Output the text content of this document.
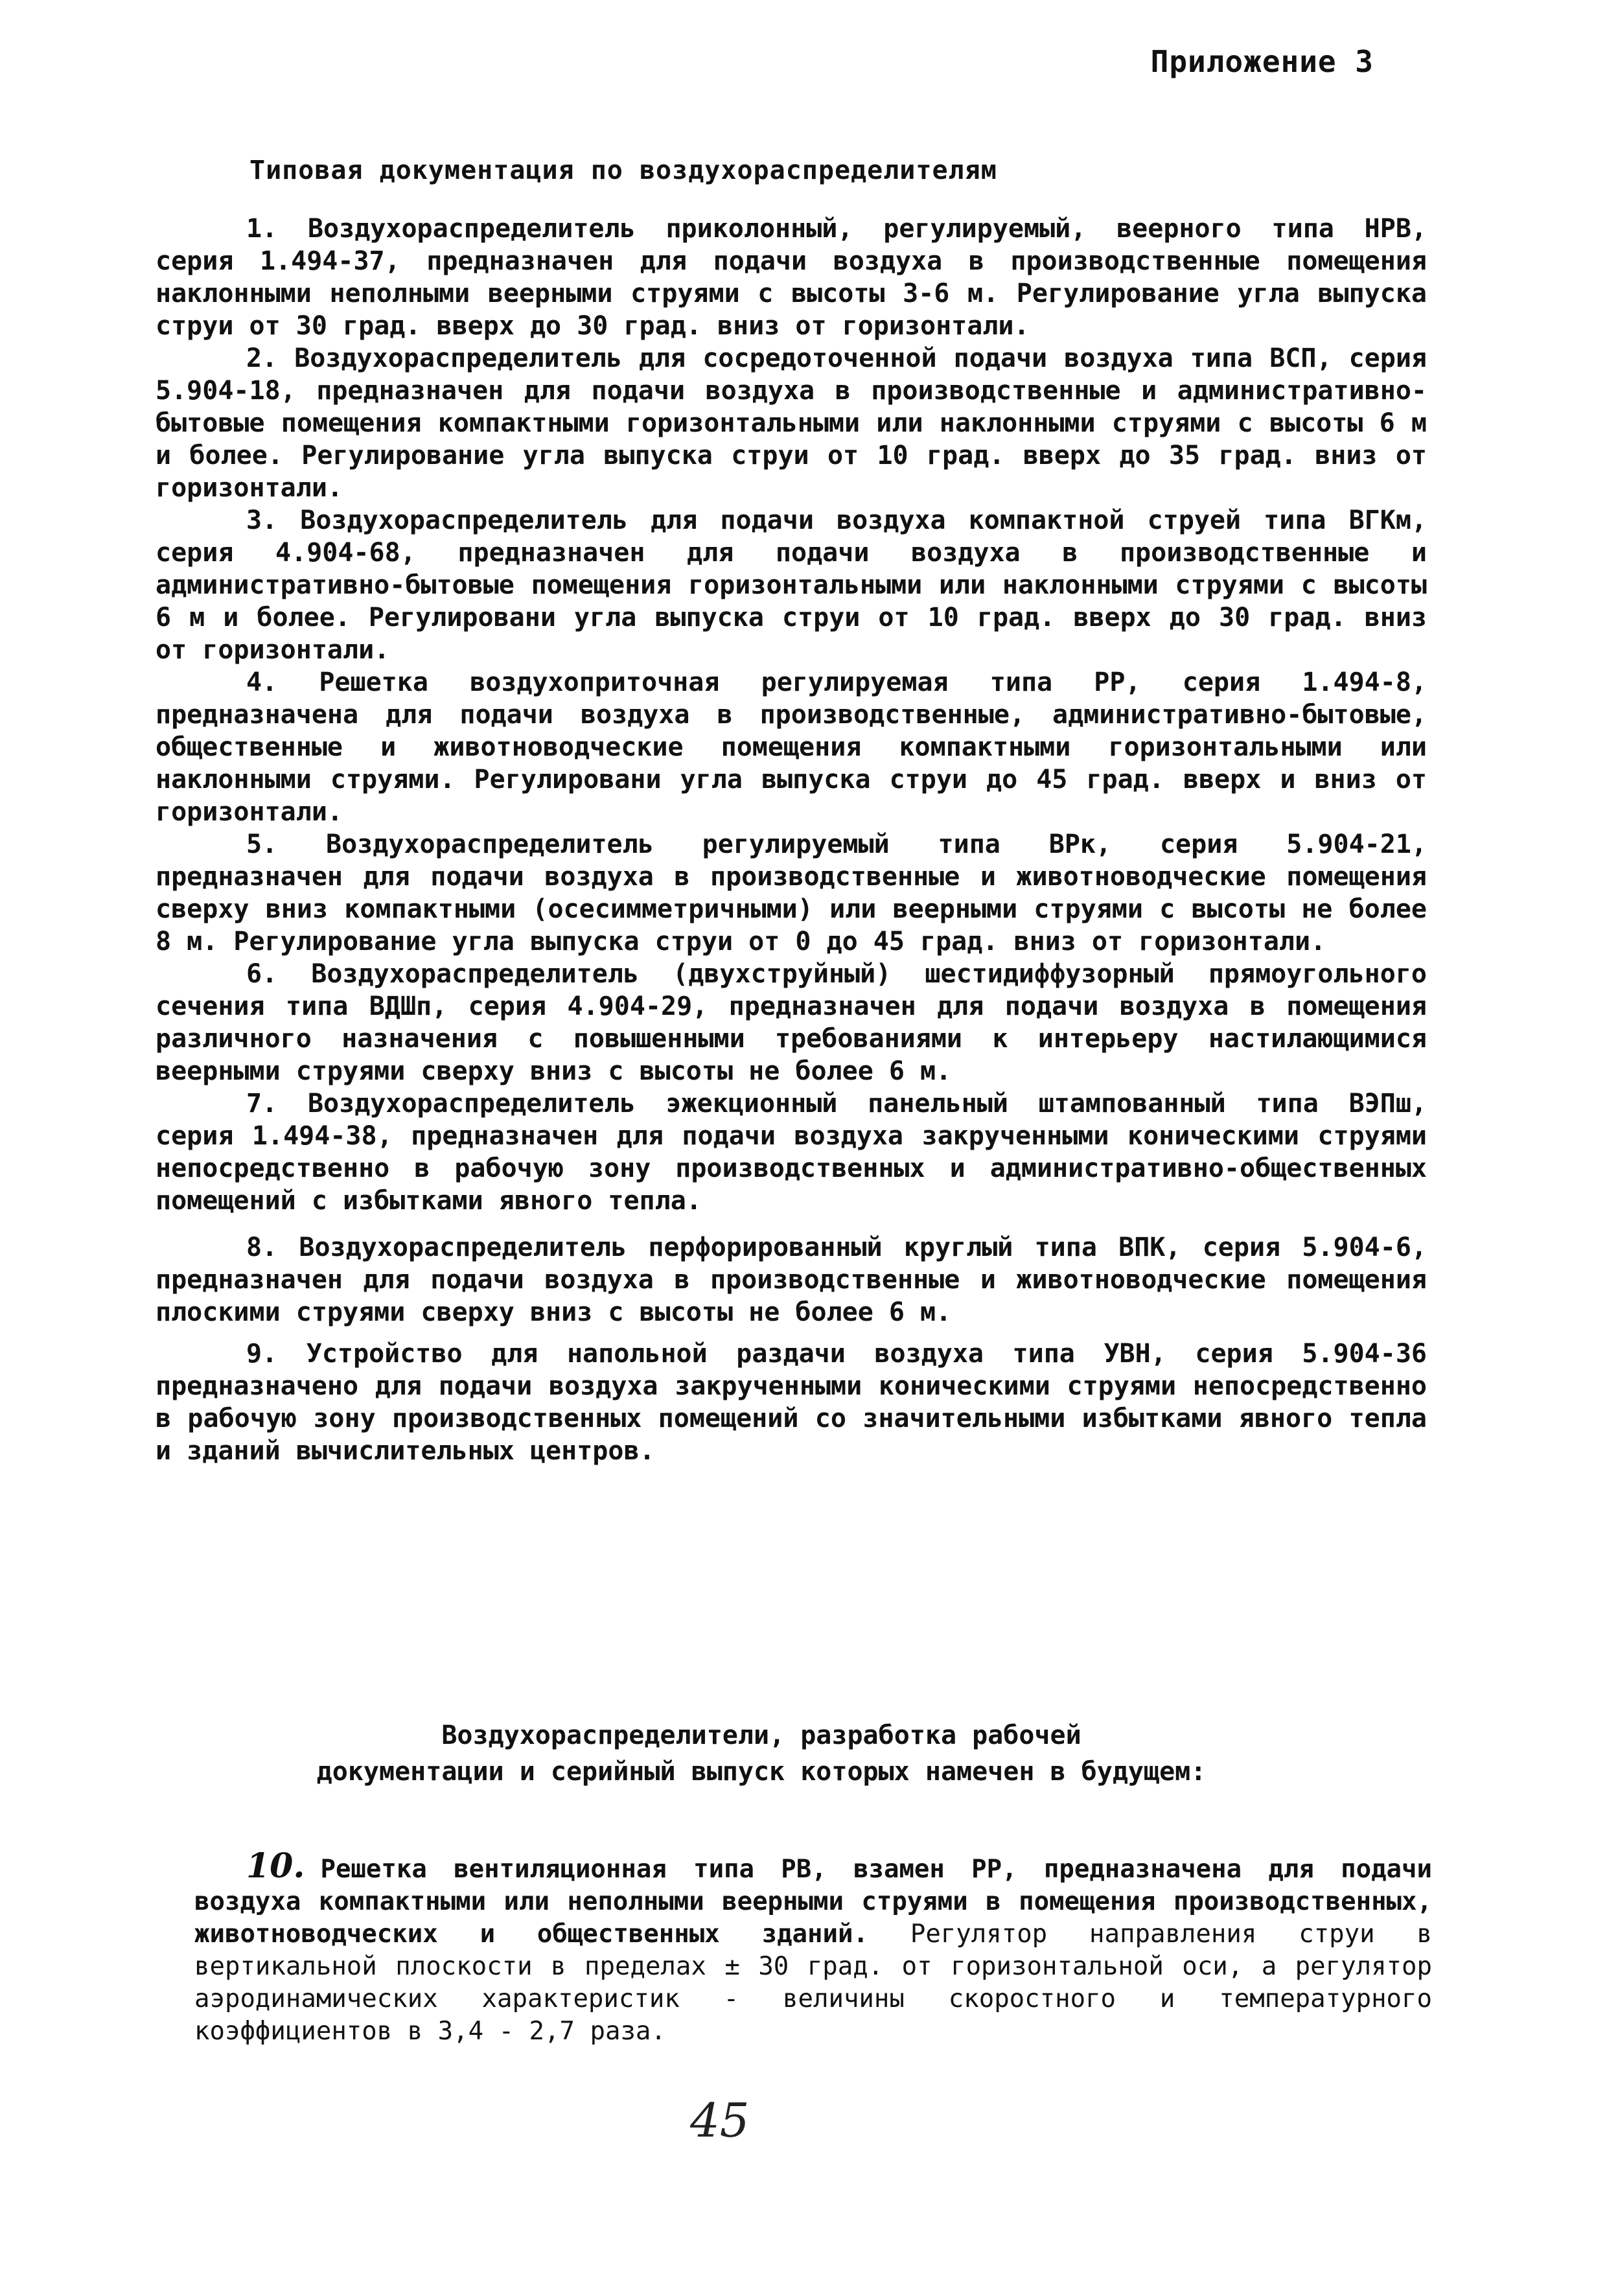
Приложение 3
Типовая документация по воздухораспределителям

1. Воздухораспределитель приколонный, регулируемый, веерного типа НРВ, серия 1.494-37, предназначен для подачи воздуха в производственные помещения наклонными неполными веерными струями с высоты 3-6 м. Регулирование угла выпуска струи от 30 град. вверх до 30 град. вниз от горизонтали.

2. Воздухораспределитель для сосредоточенной подачи воздуха типа ВСП, серия 5.904-18, предназначен для подачи воздуха в производственные и административно-бытовые помещения компактными горизонтальными или наклонными струями с высоты 6 м и более. Регулирование угла выпуска струи от 10 град. вверх до 35 град. вниз от горизонтали.

3. Воздухораспределитель для подачи воздуха компактной струей типа ВГКм, серия 4.904-68, предназначен для подачи воздуха в производственные и административно-бытовые помещения горизонтальными или наклонными струями с высоты 6 м и более. Регулировани угла выпуска струи от 10 град. вверх до 30 град. вниз от горизонтали.

4. Решетка воздухоприточная регулируемая типа РР, серия 1.494-8, предназначена для подачи воздуха в производственные, административно-бытовые, общественные и животноводческие помещения компактными горизонтальными или наклонными струями. Регулировани угла выпуска струи до 45 град. вверх и вниз от горизонтали.

5. Воздухораспределитель регулируемый типа ВРк, серия 5.904-21, предназначен для подачи воздуха в производственные и животноводческие помещения сверху вниз компактными (осесимметричными) или веерными струями с высоты не более 8 м. Регулирование угла выпуска струи от 0 до 45 град. вниз от горизонтали.

6. Воздухораспределитель (двухструйный) шестидиффузорный прямоугольного сечения типа ВДШп, серия 4.904-29, предназначен для подачи воздуха в помещения различного назначения с повышенными требованиями к интерьеру настилающимися веерными струями сверху вниз с высоты не более 6 м.

7. Воздухораспределитель эжекционный панельный штампованный типа ВЭПш, серия 1.494-38, предназначен для подачи воздуха закрученными коническими струями непосредственно в рабочую зону производственных и административно-общественных помещений с избытками явного тепла.

8. Воздухораспределитель перфорированный круглый типа ВПК, серия 5.904-6, предназначен для подачи воздуха в производственные и животноводческие помещения плоскими струями сверху вниз с высоты не более 6 м.

9. Устройство для напольной раздачи воздуха типа УВН, серия 5.904-36 предназначено для подачи воздуха закрученными коническими струями непосредственно в рабочую зону производственных помещений со значительными избытками явного тепла и зданий вычислительных центров.

Воздухораспределители, разработка рабочей
документации и серийный выпуск которых намечен в будущем:
10. Решетка вентиляционная типа РВ, взамен РР, предназначена для подачи воздуха компактными или неполными веерными струями в помещения производственных, животноводческих и общественных зданий. Регулятор направления струи в вертикальной плоскости в пределах ± 30 град. от горизонтальной оси, а регулятор аэродинамических характеристик - величины скоростного и температурного коэффициентов в 3,4 - 2,7 раза.
45
